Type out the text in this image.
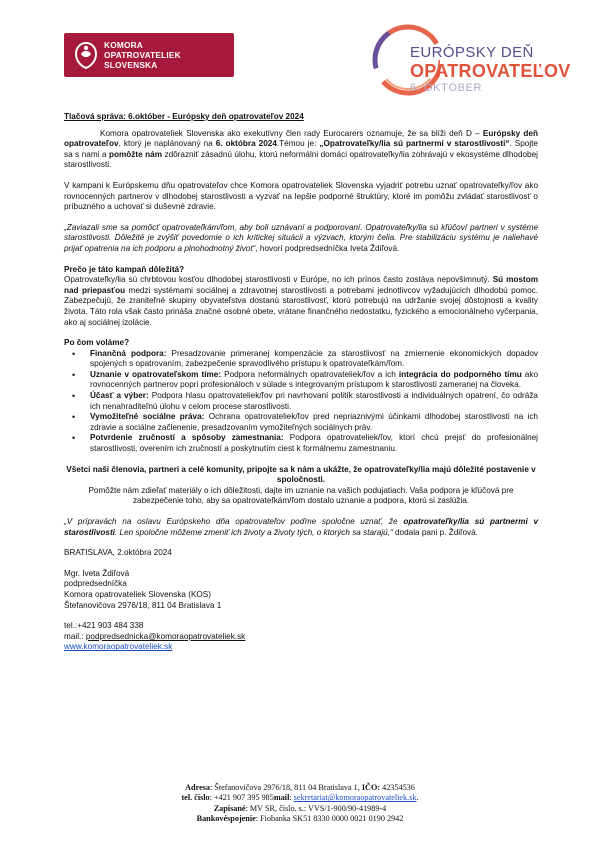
KOMORA
OPATROVATELIEK
SLOVENSKA
EURÓPSKY DEŇ
OPATROVATEĽOV
6. OKTÓBER

Tlačová správa: 6.október - Európsky deň opatrovateľov 2024

Komora opatrovateliek Slovenska ako exekutívny člen rady Eurocarers oznamuje, že sa blíži deň D – Európsky deň opatrovateľov, ktorý je naplánovaný na 6. októbra 2024.Témou je: „Opatrovateľky/lia sú partnermi v starostlivosti“. Spojte sa s nami a pomôžte nám zdôrazniť zásadnú úlohu, ktorú neformálni domáci opatrovateľky/lia zohrávajú v ekosystéme dlhodobej starostlivosti.

V kampani k Európskemu dňu opatrovateľov chce Komora opatrovateliek Slovenska vyjadriť potrebu uznať opatrovateľky/ľov ako rovnocenných partnerov v dlhodobej starostlivosti a vyzvať na lepšie podporné štruktúry, ktoré im pomôžu zvládať starostlivosť o príbuzného a uchovať si duševné zdravie.

„Zaviazali sme sa pomôcť opatrovateľkám/ľom, aby boli uznávaní a podporovaní. Opatrovateľky/lia sú kľúčoví partneri v systéme starostlivosti. Dôležité je zvýšiť povedomie o ich kritickej situácii a výzvach, ktorým čelia. Pre stabilizáciu systému je naliehavé prijať opatrenia na ich podporu a plnohodnotný život“, hovorí podpredsedníčka Iveta Ždiľová.

Prečo je táto kampaň dôležitá?

Opatrovateľky/lia sú chrbtovou kosťou dlhodobej starostlivosti v Európe, no ich prínos často zostáva nepovšimnutý. Sú mostom nad priepasťou medzi systémami sociálnej a zdravotnej starostlivosti a potrebami jednotlivcov vyžadujúcich dlhodobú pomoc. Zabezpečujú, že zraniteľné skupiny obyvateľstva dostanú starostlivosť, ktorú potrebujú na udržanie svojej dôstojnosti a kvality života. Táto rola však často prináša značné osobné obete, vrátane finančného nedostatku, fyzického a emocionálneho vyčerpania, ako aj sociálnej izolácie.

Po čom voláme?

• Finančná podpora: Presadzovanie primeranej kompenzácie za starostlivosť na zmiernenie ekonomických dopadov spojených s opatrovaním, zabezpečenie spravodlivého prístupu k opatrovateľkám/ľom.
• Uznanie v opatrovateľskom tíme: Podpora neformálnych opatrovateliek/ľov a ich integrácia do podporného tímu ako rovnocenných partnerov popri profesionáloch v súlade s integrovaným prístupom k starostlivosti zameranej na človeka.
• Účasť a výber: Podpora hlasu opatrovateliek/ľov pri navrhovaní politík starostlivosti a individuálnych opatrení, čo odráža ich nenahraditeľnú úlohu v celom procese starostlivosti.
• Vymožiteľné sociálne práva: Ochrana opatrovateliek/ľov pred nepriaznivými účinkami dlhodobej starostlivosti na ich zdravie a sociálne začlenenie, presadzovaním vymožiteľných sociálnych práv.
• Potvrdenie zručností a spôsoby zamestnania: Podpora opatrovateliek/ľov, ktorí chcú prejsť do profesionálnej starostlivosti, overením ich zručností a poskytnutím ciest k formálnemu zamestnaniu.

Všetci naši členovia, partneri a celé komunity, pripojte sa k nám a ukážte, že opatrovateľky/lia majú dôležité postavenie v spoločnosti.

Pomôžte nám zdieľať materiály o ich dôležitosti, dajte im uznanie na vašich podujatiach. Vaša podpora je kľúčová pre zabezpečenie toho, aby sa opatrovateľkám/ľom dostalo uznanie a podpora, ktorú si zaslúžia.

„V prípravách na oslavu Európskeho dňa opatrovateľov poďme spoločne uznať, že opatrovateľky/lia sú partnermi v starostlivosti. Len spoločne môžeme zmeniť ich životy a životy tých, o ktorých sa starajú,“ dodala pani p. Ždiľová.

BRATISLAVA, 2.októbra 2024

Mgr. Iveta Ždiľová

podpredsedníčka

Komora opatrovateliek Slovenska (KOS)

Štefanovičova 2976/18, 811 04 Bratislava 1

tel.:+421 903 484 338

mail.: podpredsednicka@komoraopatrovateliek.sk

www.komoraopatrovateliek.sk

Adresa: Štefanovičova 2976/18, 811 04 Bratislava 1, IČO: 42354536
tel. číslo: +421 907 395 985mail: sekretariat@komoraopatrovateliek.sk.
Zapísané: MV SR, číslo. s.: VVS/1-900/90-41989-4
Bankovéspojenie: Fiobanka SK51 8330 0000 0021 0190 2942
